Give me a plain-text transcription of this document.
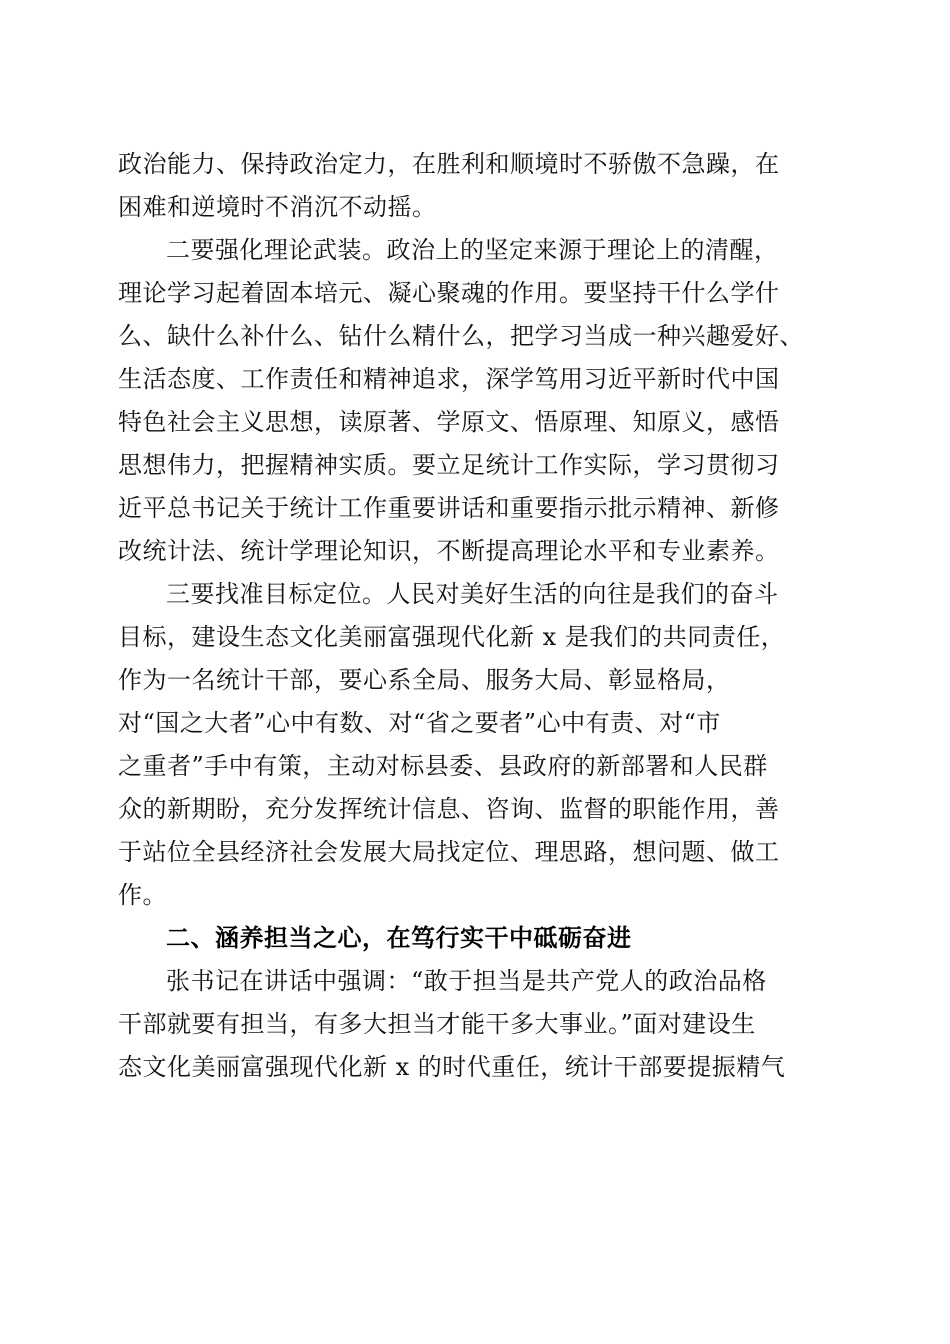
政治能力、保持政治定力，在胜利和顺境时不骄傲不急躁，在
困难和逆境时不消沉不动摇。
二要强化理论武装。政治上的坚定来源于理论上的清醒，
理论学习起着固本培元、凝心聚魂的作用。要坚持干什么学什
么、缺什么补什么、钻什么精什么，把学习当成一种兴趣爱好、
生活态度、工作责任和精神追求，深学笃用习近平新时代中国
特色社会主义思想，读原著、学原文、悟原理、知原义，感悟
思想伟力，把握精神实质。要立足统计工作实际，学习贯彻习
近平总书记关于统计工作重要讲话和重要指示批示精神、新修
改统计法、统计学理论知识，不断提高理论水平和专业素养。
三要找准目标定位。人民对美好生活的向往是我们的奋斗
目标，建设生态文化美丽富强现代化新 x 是我们的共同责任，
作为一名统计干部，要心系全局、服务大局、彰显格局，
对“国之大者”心中有数、对“省之要者”心中有责、对“市
之重者”手中有策，主动对标县委、县政府的新部署和人民群
众的新期盼，充分发挥统计信息、咨询、监督的职能作用，善
于站位全县经济社会发展大局找定位、理思路，想问题、做工
作。
二、涵养担当之心，在笃行实干中砥砺奋进
张书记在讲话中强调：“敢于担当是共产党人的政治品格
干部就要有担当，有多大担当才能干多大事业。”面对建设生
态文化美丽富强现代化新 x 的时代重任，统计干部要提振精气
